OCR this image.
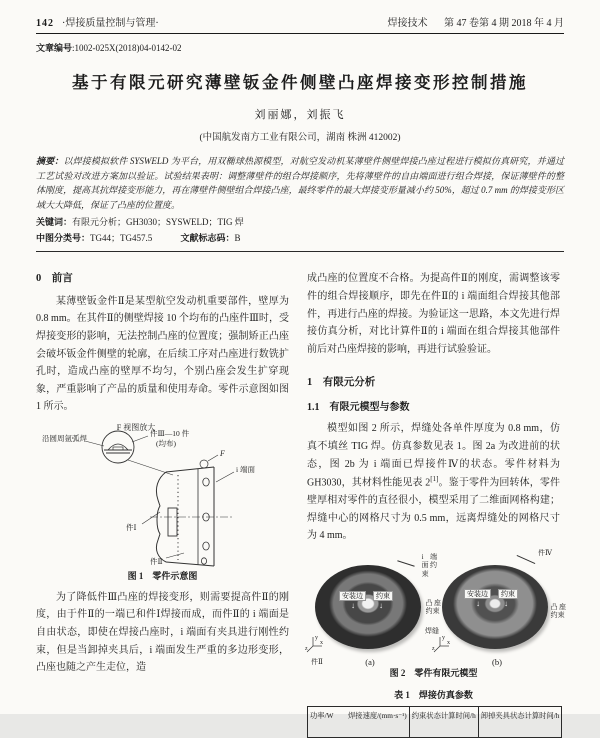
142 ·焊接质量控制与管理·	焊接技术 第 47 卷第 4 期 2018 年 4 月
文章编号:1002-025X(2018)04-0142-02
基于有限元研究薄壁钣金件侧壁凸座焊接变形控制措施
刘丽娜，刘振飞
(中国航发南方工业有限公司，湖南 株洲 412002)
摘要：以焊接模拟软件 SYSWELD 为平台，用双椭球热源模型，对航空发动机某薄壁件侧壁焊接凸座过程进行模拟仿真研究，并通过工艺试验对改进方案加以验证。试验结果表明：调整薄壁件的组合焊接顺序，先将薄壁件的自由端面进行组合焊接，保证薄壁件的整体刚度，提高其抗焊接变形能力，再在薄壁件侧壁组合焊接凸座，最终零件的最大焊接变形量减小约 50%，超过 0.7 mm 的焊接变形区域大大降低，保证了凸座的位置度。
关键词：有限元分析；GH3030；SYSWELD；TIG 焊
中图分类号：TG44；TG457.5	文献标志码：B
0　前言
某薄壁钣金件Ⅱ是某型航空发动机重要部件，壁厚为 0.8 mm。在其件Ⅱ的侧壁焊接 10 个均布的凸座件Ⅲ时，受焊接变形的影响，无法控制凸座的位置度；强制矫正凸座会破坏钣金件侧壁的轮廓，在后续工序对凸座进行数铣扩孔时，造成凸座的壁厚不均匀，个别凸座会发生扩穿现象，严重影响了产品的质量和使用寿命。零件示意图如图 1 所示。
F 视图放大
沿圆周氩弧焊
件Ⅲ—10 件
(均布)
F
i 端面
件Ⅰ
件Ⅱ
图 1　零件示意图
为了降低件Ⅲ凸座的焊接变形，则需要提高件Ⅱ的刚度，由于件Ⅱ的一端已和件Ⅰ焊接而成，而件Ⅱ的 i 端面是自由状态，即使在焊接凸座时，i 端面有夹具进行刚性约束，但是当卸掉夹具后，i 端面发生严重的多边形变形，凸座也随之产生走位，造
成凸座的位置度不合格。为提高件Ⅱ的刚度，需调整该零件的组合焊接顺序，即先在件Ⅱ的 i 端面组合焊接其他部件，再进行凸座的焊接。为验证这一思路，本文先进行焊接仿真分析，对比计算件Ⅱ的 i 端面在组合焊接其他部件前后对凸座焊接的影响，再进行试验验证。
1　有限元分析
1.1　有限元模型与参数
模型如图 2 所示，焊缝处各单件厚度为 0.8 mm，仿真不填丝 TIG 焊。仿真参数见表 1。图 2a 为改进前的状态，图 2b 为 i 端面已焊接件Ⅳ的状态。零件材料为 GH3030，其材料性能见表 2[1]。鉴于零件为回转体，零件壁厚相对零件的直径很小，模型采用了二维面网格构建；焊缝中心的网格尺寸为 0.5 mm，远离焊缝处的网格尺寸为 4 mm。
安装边	约束
↓	↓
i 端面约束
凸座约束
焊缝
件Ⅱ
y
x
z
(a)
件Ⅳ
安装边	约束
↓	↓	凸座约束
y
x
z
(b)
图 2　零件有限元模型
表 1　焊接仿真参数
功率/W　　焊接速度/(mm·s⁻¹)	约束状态计算时间/h	卸掉夹具状态计算时间/h
